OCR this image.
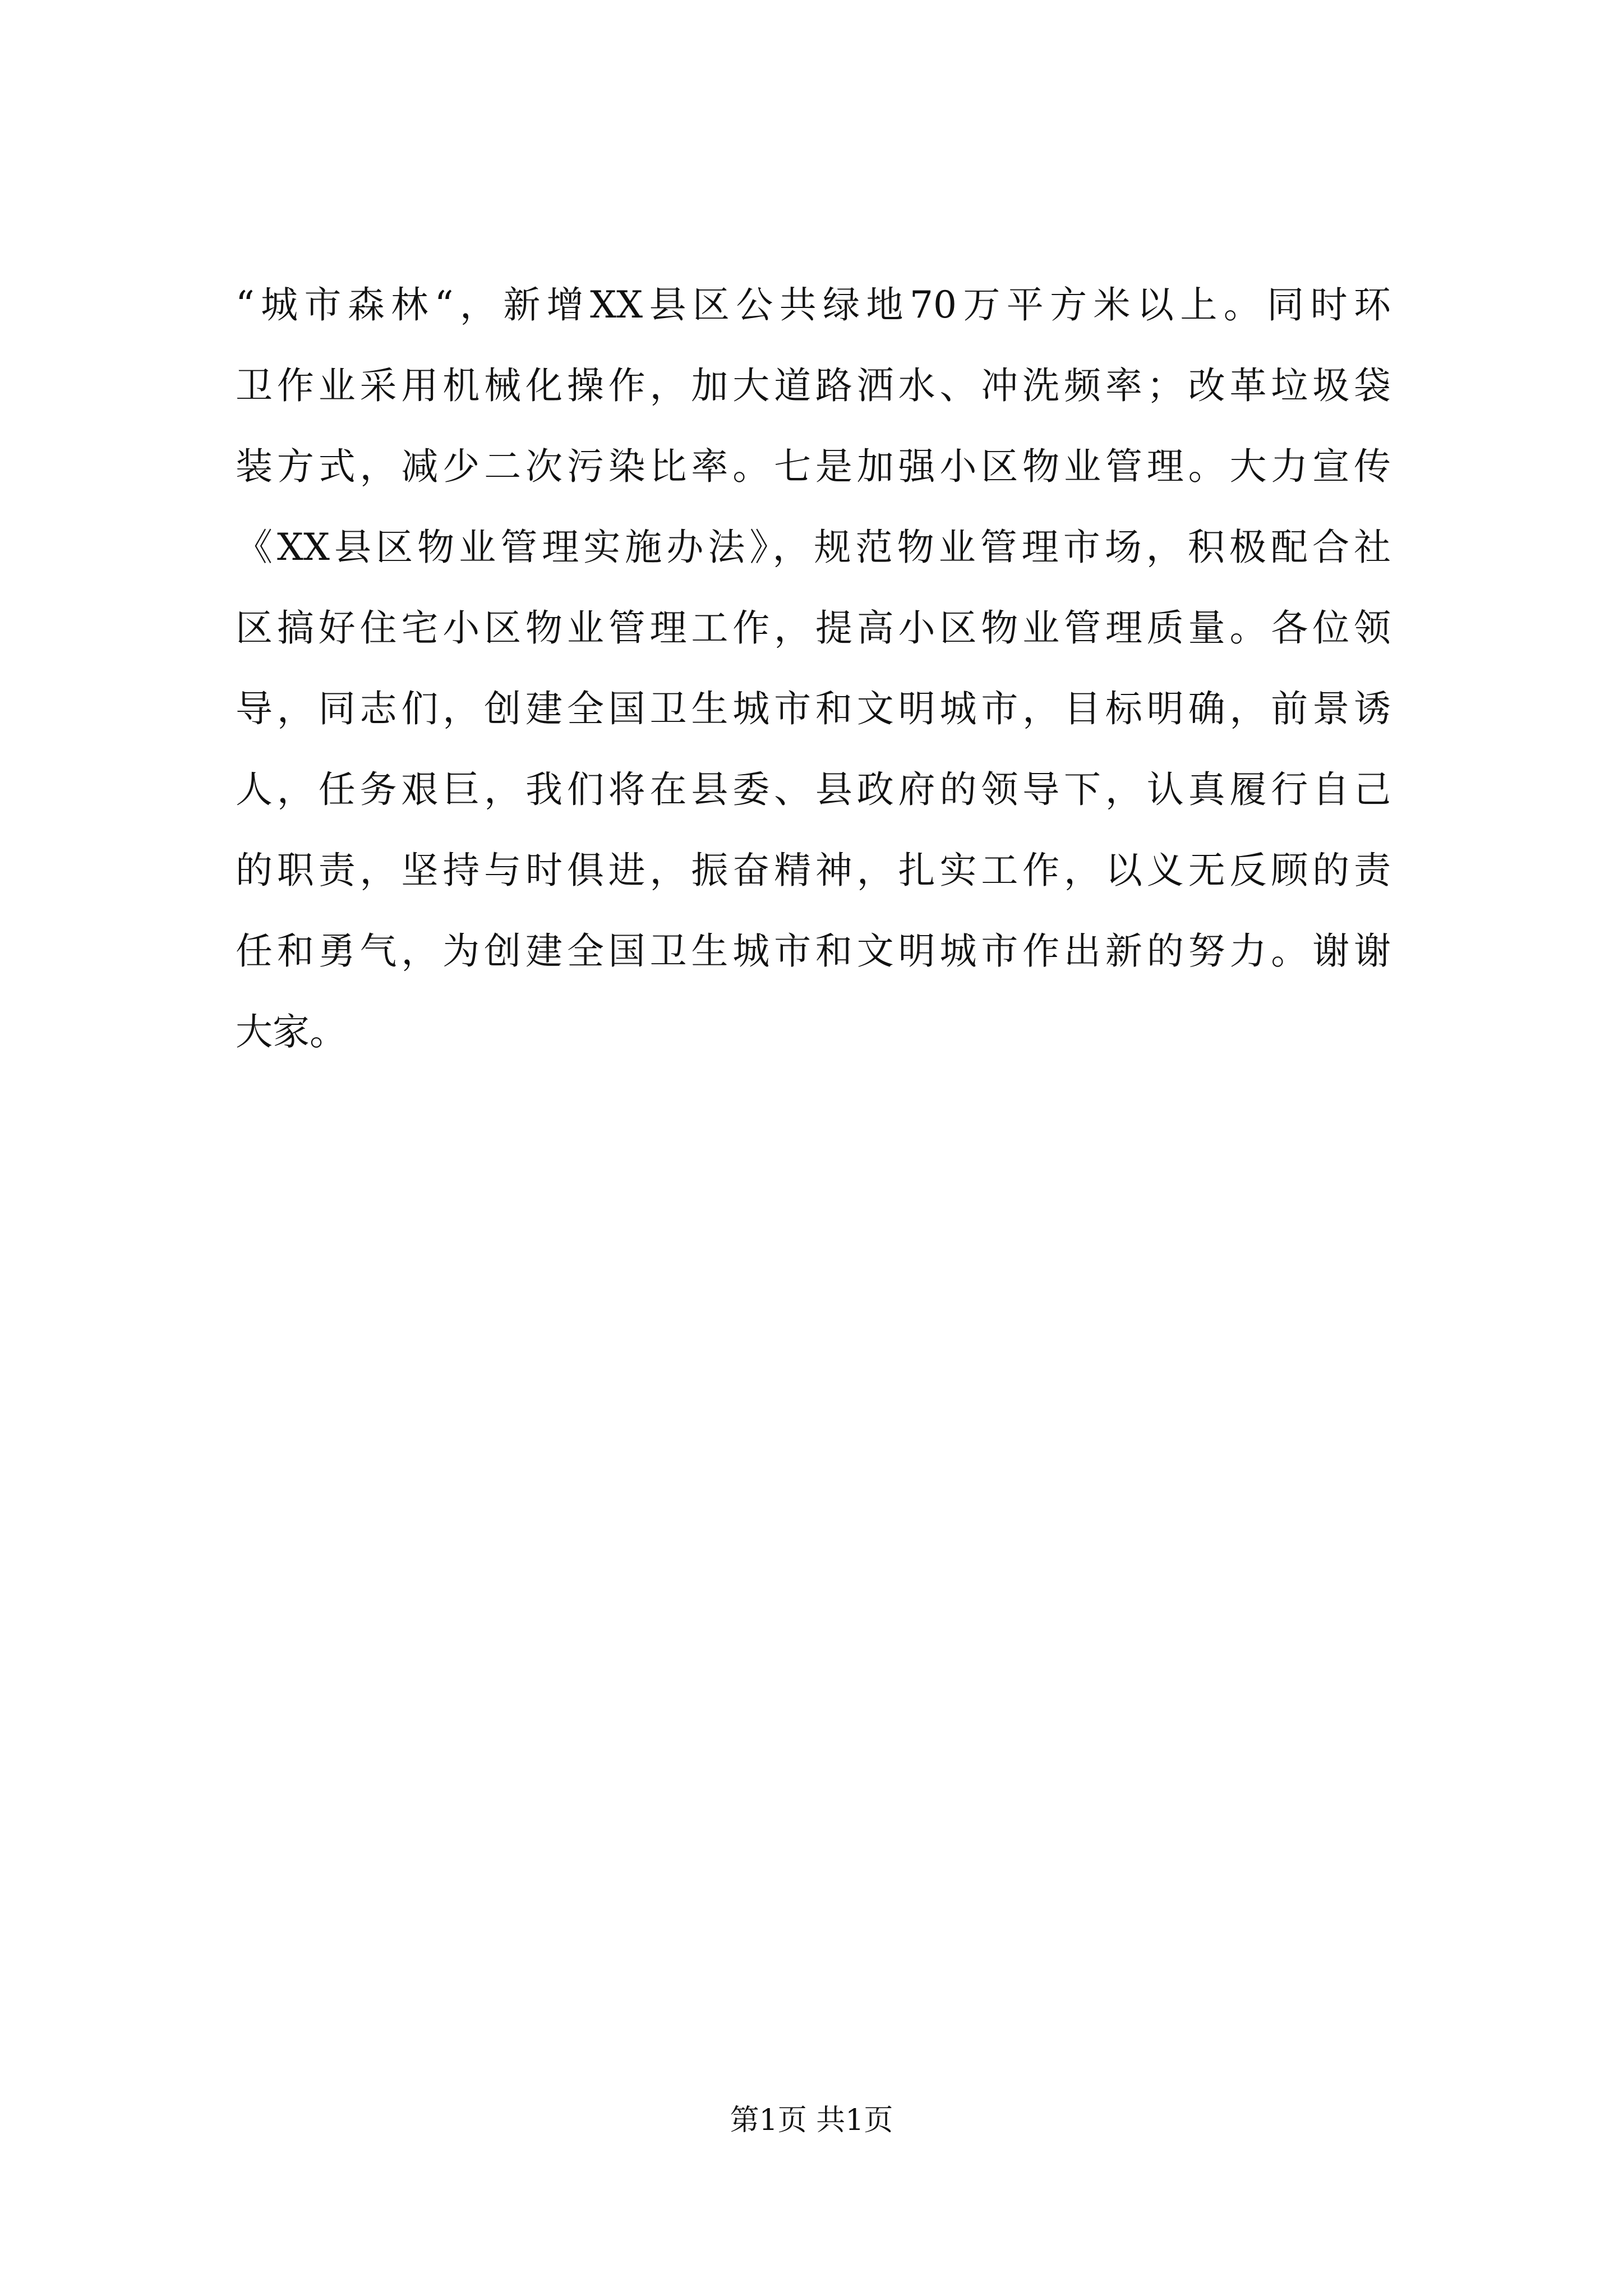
“城市森林“，新增XX县区公共绿地70万平方米以上。同时环
卫作业采用机械化操作，加大道路洒水、冲洗频率；改革垃圾袋
装方式，减少二次污染比率。七是加强小区物业管理。大力宣传
《XX县区物业管理实施办法》，规范物业管理市场，积极配合社
区搞好住宅小区物业管理工作，提高小区物业管理质量。各位领
导，同志们，创建全国卫生城市和文明城市，目标明确，前景诱
人，任务艰巨，我们将在县委、县政府的领导下，认真履行自己
的职责，坚持与时俱进，振奋精神，扎实工作，以义无反顾的责
任和勇气，为创建全国卫生城市和文明城市作出新的努力。谢谢
大家。
第1页 共1页
